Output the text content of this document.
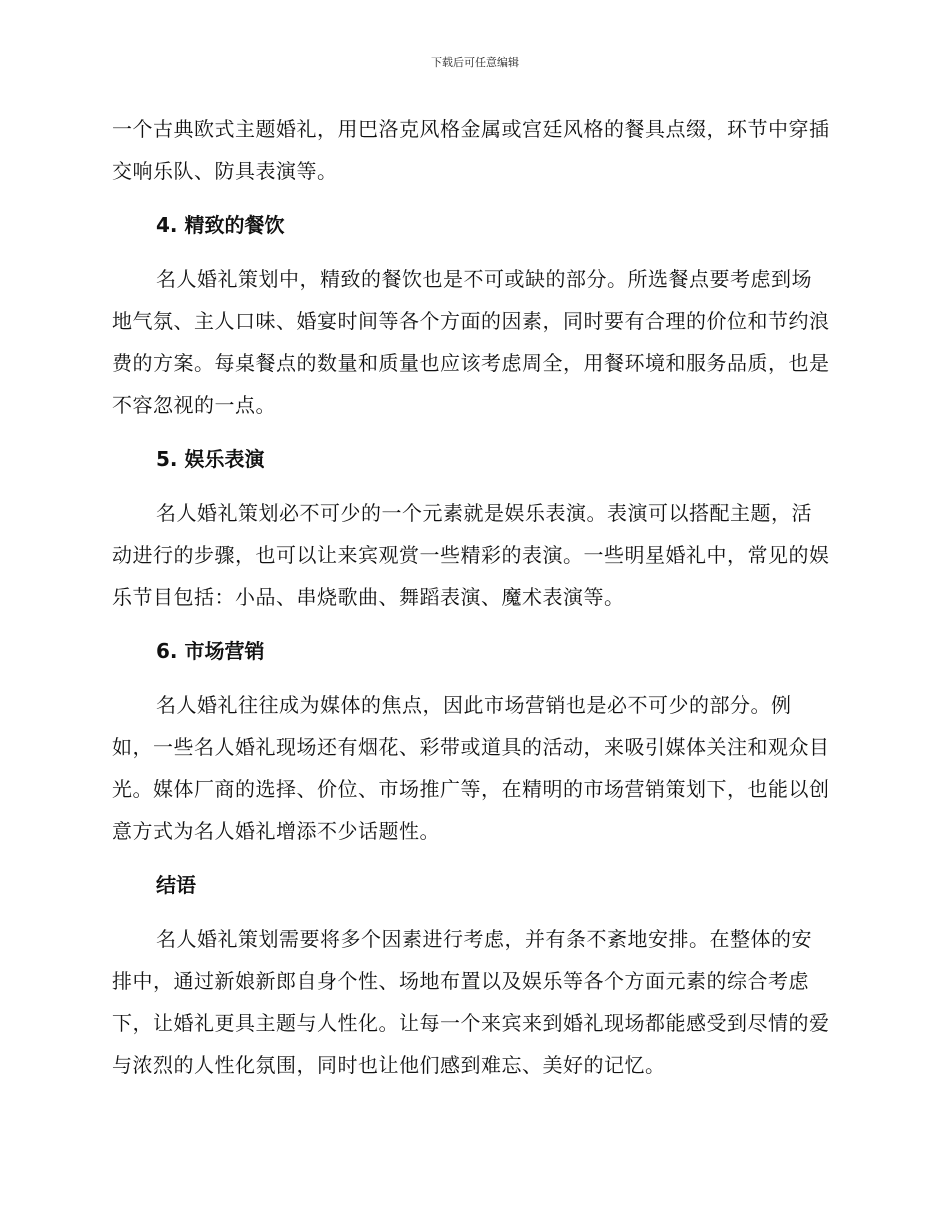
下载后可任意编辑

一个古典欧式主题婚礼，用巴洛克风格金属或宫廷风格的餐具点缀，环节中穿插交响乐队、防具表演等。

4. 精致的餐饮

名人婚礼策划中，精致的餐饮也是不可或缺的部分。所选餐点要考虑到场地气氛、主人口味、婚宴时间等各个方面的因素，同时要有合理的价位和节约浪费的方案。每桌餐点的数量和质量也应该考虑周全，用餐环境和服务品质，也是不容忽视的一点。

5. 娱乐表演

名人婚礼策划必不可少的一个元素就是娱乐表演。表演可以搭配主题，活动进行的步骤，也可以让来宾观赏一些精彩的表演。一些明星婚礼中，常见的娱乐节目包括：小品、串烧歌曲、舞蹈表演、魔术表演等。

6. 市场营销

名人婚礼往往成为媒体的焦点，因此市场营销也是必不可少的部分。例如，一些名人婚礼现场还有烟花、彩带或道具的活动，来吸引媒体关注和观众目光。媒体厂商的选择、价位、市场推广等，在精明的市场营销策划下，也能以创意方式为名人婚礼增添不少话题性。

结语

名人婚礼策划需要将多个因素进行考虑，并有条不紊地安排。在整体的安排中，通过新娘新郎自身个性、场地布置以及娱乐等各个方面元素的综合考虑下，让婚礼更具主题与人性化。让每一个来宾来到婚礼现场都能感受到尽情的爱与浓烈的人性化氛围，同时也让他们感到难忘、美好的记忆。
